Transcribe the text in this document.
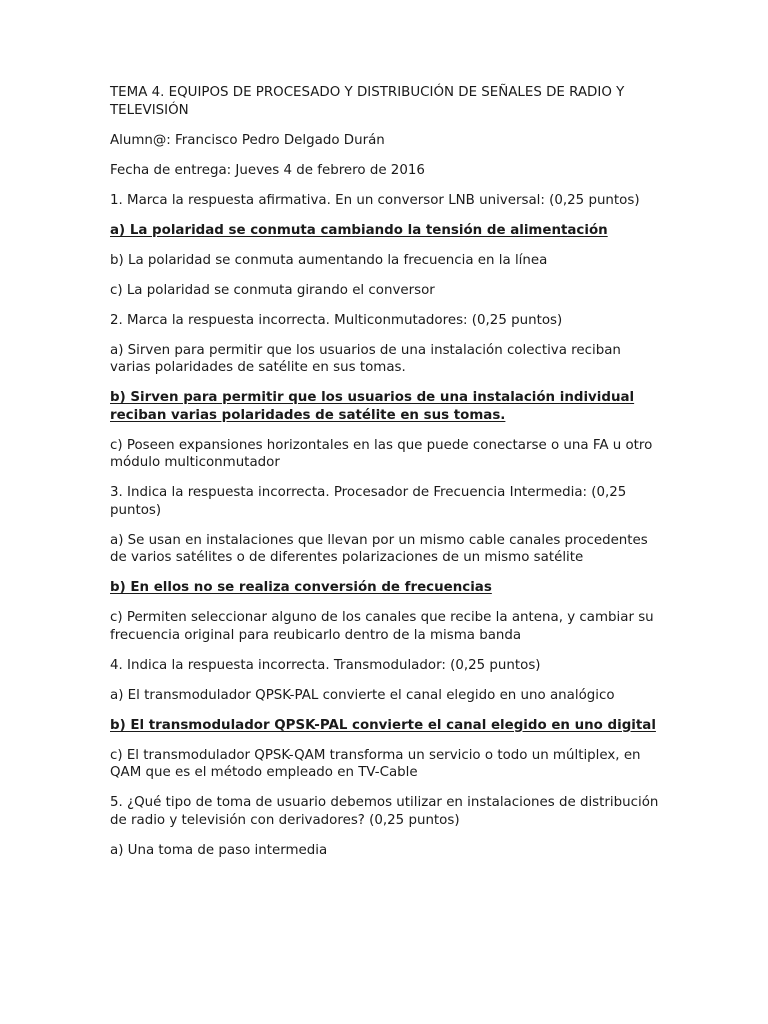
TEMA 4. EQUIPOS DE PROCESADO Y DISTRIBUCIÓN DE SEÑALES DE RADIO Y
TELEVISIÓN

Alumn@: Francisco Pedro Delgado Durán

Fecha de entrega: Jueves 4 de febrero de 2016

1. Marca la respuesta afirmativa. En un conversor LNB universal: (0,25 puntos)

a) La polaridad se conmuta cambiando la tensión de alimentación

b) La polaridad se conmuta aumentando la frecuencia en la línea

c) La polaridad se conmuta girando el conversor

2. Marca la respuesta incorrecta. Multiconmutadores: (0,25 puntos)

a) Sirven para permitir que los usuarios de una instalación colectiva reciban varias polaridades de satélite en sus tomas.

b) Sirven para permitir que los usuarios de una instalación individual reciban varias polaridades de satélite en sus tomas.

c) Poseen expansiones horizontales en las que puede conectarse o una FA u otro módulo multiconmutador

3. Indica la respuesta incorrecta. Procesador de Frecuencia Intermedia: (0,25 puntos)

a) Se usan en instalaciones que llevan por un mismo cable canales procedentes de varios satélites o de diferentes polarizaciones de un mismo satélite

b) En ellos no se realiza conversión de frecuencias

c) Permiten seleccionar alguno de los canales que recibe la antena, y cambiar su frecuencia original para reubicarlo dentro de la misma banda

4. Indica la respuesta incorrecta. Transmodulador: (0,25 puntos)

a) El transmodulador QPSK-PAL convierte el canal elegido en uno analógico

b) El transmodulador QPSK-PAL convierte el canal elegido en uno digital

c) El transmodulador QPSK-QAM transforma un servicio o todo un múltiplex, en QAM que es el método empleado en TV-Cable

5. ¿Qué tipo de toma de usuario debemos utilizar en instalaciones de distribución de radio y televisión con derivadores? (0,25 puntos)

a) Una toma de paso intermedia
